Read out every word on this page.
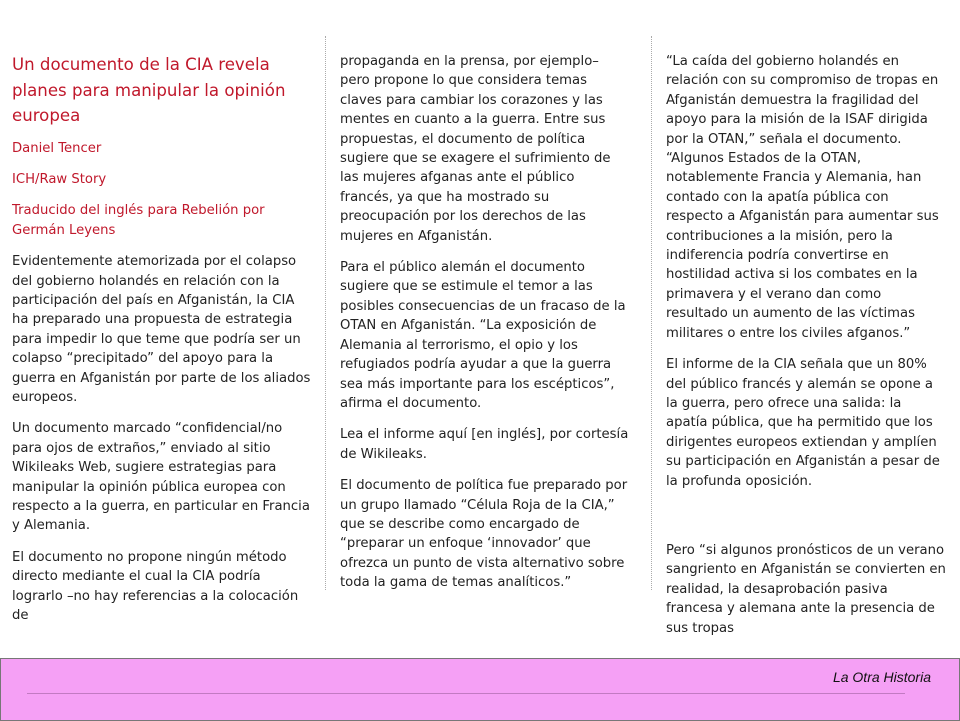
Un documento de la CIA revela planes para manipular la opinión europea

Daniel Tencer

ICH/Raw Story

Traducido del inglés para Rebelión por Germán Leyens

Evidentemente atemorizada por el colapso del gobierno holandés en relación con la participación del país en Afganistán, la CIA ha preparado una propuesta de estrategia para impedir lo que teme que podría ser un colapso “precipitado” del apoyo para la guerra en Afganistán por parte de los aliados europeos.

Un documento marcado “confidencial/no para ojos de extraños,” enviado al sitio Wikileaks Web, sugiere estrategias para manipular la opinión pública europea con respecto a la guerra, en particular en Francia y Alemania.

El documento no propone ningún método directo mediante el cual la CIA podría lograrlo –no hay referencias a la colocación de

propaganda en la prensa, por ejemplo– pero propone lo que considera temas claves para cambiar los corazones y las mentes en cuanto a la guerra. Entre sus propuestas, el documento de política sugiere que se exagere el sufrimiento de las mujeres afganas ante el público francés, ya que ha mostrado su preocupación por los derechos de las mujeres en Afganistán.

Para el público alemán el documento sugiere que se estimule el temor a las posibles consecuencias de un fracaso de la OTAN en Afganistán. “La exposición de Alemania al terrorismo, el opio y los refugiados podría ayudar a que la guerra sea más importante para los escépticos”, afirma el documento.

Lea el informe aquí [en inglés], por cortesía de Wikileaks.

El documento de política fue preparado por un grupo llamado “Célula Roja de la CIA,” que se describe como encargado de “preparar un enfoque ‘innovador’ que ofrezca un punto de vista alternativo sobre toda la gama de temas analíticos.”

“La caída del gobierno holandés en relación con su compromiso de tropas en Afganistán demuestra la fragilidad del apoyo para la misión de la ISAF dirigida por la OTAN,” señala el documento. “Algunos Estados de la OTAN, notablemente Francia y Alemania, han contado con la apatía pública con respecto a Afganistán para aumentar sus contribuciones a la misión, pero la indiferencia podría convertirse en hostilidad activa si los combates en la primavera y el verano dan como resultado un aumento de las víctimas militares o entre los civiles afganos.”

El informe de la CIA señala que un 80% del público francés y alemán se opone a la guerra, pero ofrece una salida: la apatía pública, que ha permitido que los dirigentes europeos extiendan y amplíen su participación en Afganistán a pesar de la profunda oposición.

Pero “si algunos pronósticos de un verano sangriento en Afganistán se convierten en realidad, la desaprobación pasiva francesa y alemana ante la presencia de sus tropas

La Otra Historia
